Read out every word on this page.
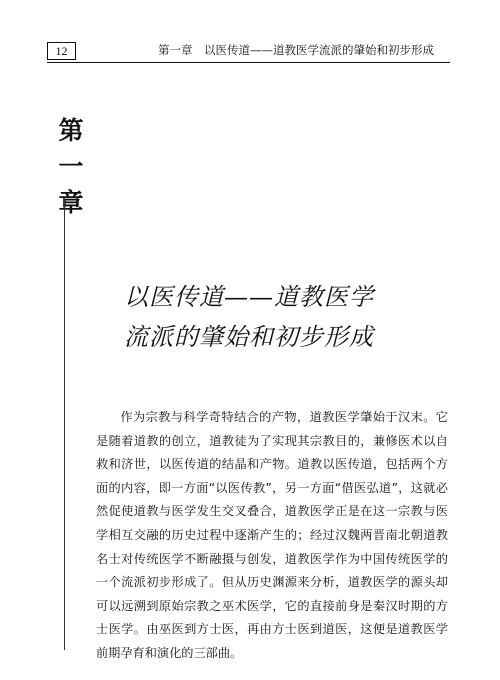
12	第一章　以医传道——道教医学流派的肇始和初步形成
第
一
章
以医传道——道教医学
流派的肇始和初步形成

作为宗教与科学奇特结合的产物，道教医学肇始于汉末。它是随着道教的创立，道教徒为了实现其宗教目的，兼修医术以自救和济世，以医传道的结晶和产物。道教以医传道，包括两个方面的内容，即一方面“以医传教”，另一方面“借医弘道”，这就必然促使道教与医学发生交叉叠合，道教医学正是在这一宗教与医学相互交融的历史过程中逐渐产生的；经过汉魏两晋南北朝道教名士对传统医学不断融摄与创发，道教医学作为中国传统医学的一个流派初步形成了。但从历史渊源来分析，道教医学的源头却可以远溯到原始宗教之巫术医学，它的直接前身是秦汉时期的方士医学。由巫医到方士医，再由方士医到道医，这便是道教医学前期孕育和演化的三部曲。
